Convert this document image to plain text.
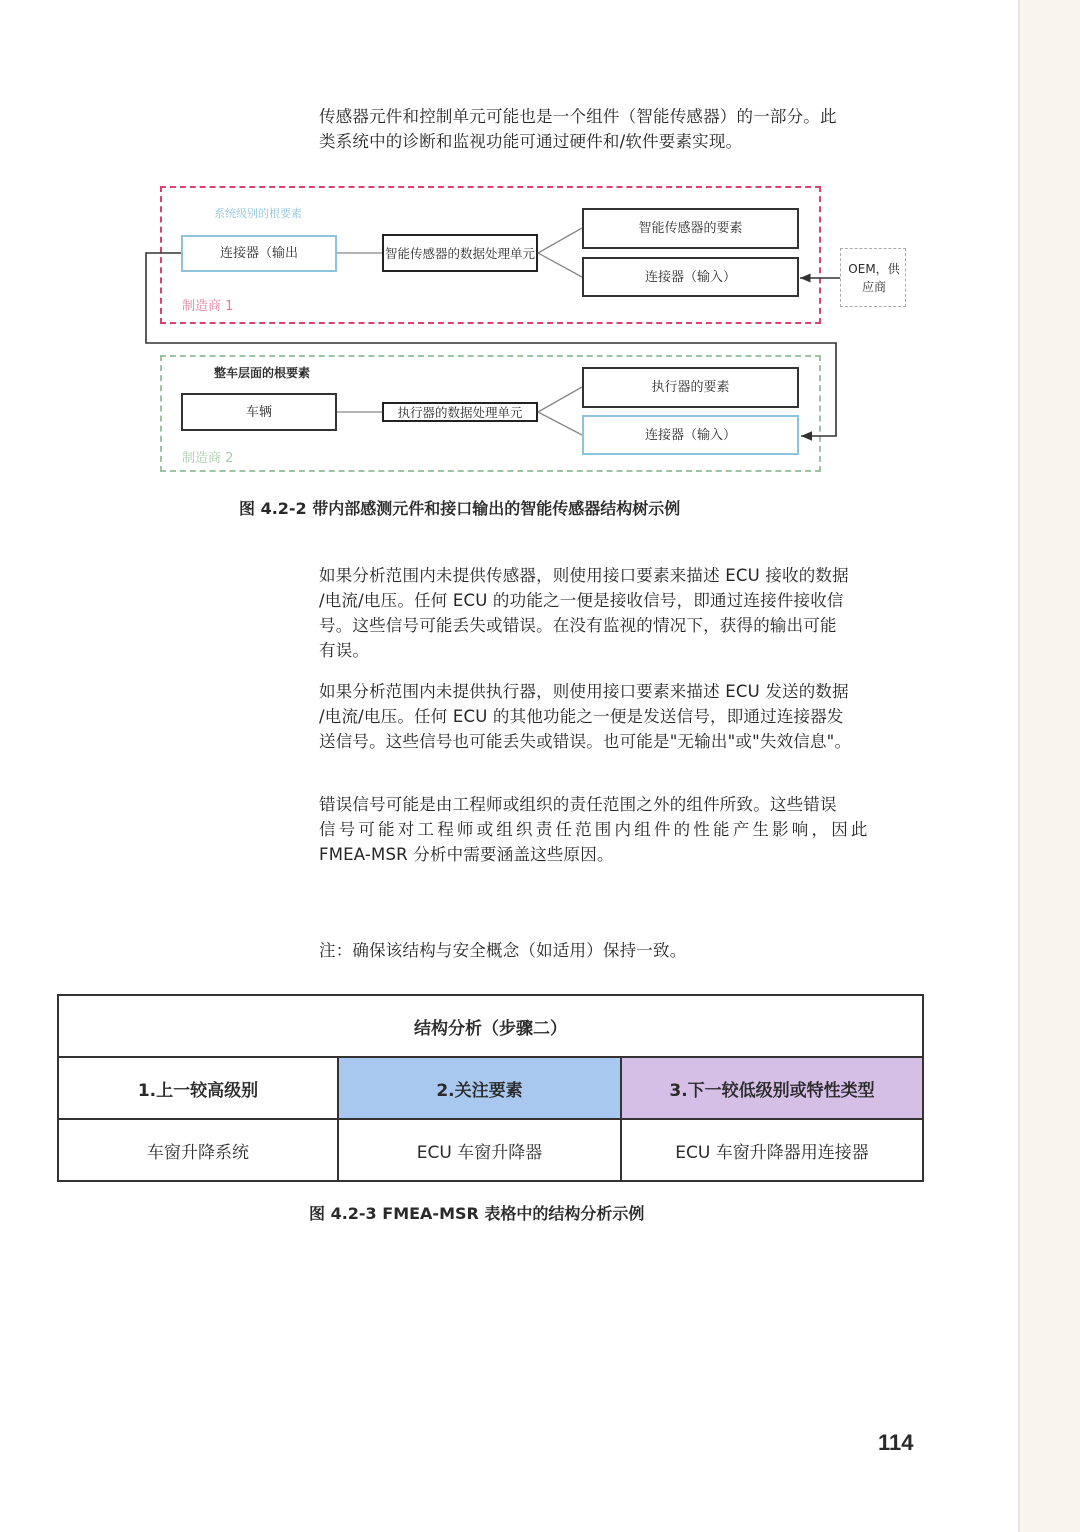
传感器元件和控制单元可能也是一个组件（智能传感器）的一部分。此
类系统中的诊断和监视功能可通过硬件和/软件要素实现。
系统级别的根要素
制造商 1
连接器（输出	智能传感器的数据处理单元
智能传感器的要素
连接器（输入）
OEM，供应商
整车层面的根要素
制造商 2
车辆	执行器的数据处理单元
执行器的要素
连接器（输入）
图 4.2-2 带内部感测元件和接口输出的智能传感器结构树示例
如果分析范围内未提供传感器，则使用接口要素来描述 ECU 接收的数据
/电流/电压。任何 ECU 的功能之一便是接收信号，即通过连接件接收信
号。这些信号可能丢失或错误。在没有监视的情况下，获得的输出可能
有误。
如果分析范围内未提供执行器，则使用接口要素来描述 ECU 发送的数据
/电流/电压。任何 ECU 的其他功能之一便是发送信号，即通过连接器发
送信号。这些信号也可能丢失或错误。也可能是"无输出"或"失效信息"。
错误信号可能是由工程师或组织的责任范围之外的组件所致。这些错误
信号可能对工程师或组织责任范围内组件的性能产生影响，因此
FMEA-MSR 分析中需要涵盖这些原因。
注：确保该结构与安全概念（如适用）保持一致。
结构分析（步骤二）		
1.上一较高级别	2.关注要素	3.下一较低级别或特性类型
车窗升降系统	ECU 车窗升降器	ECU 车窗升降器用连接器
图 4.2-3 FMEA-MSR 表格中的结构分析示例
114
